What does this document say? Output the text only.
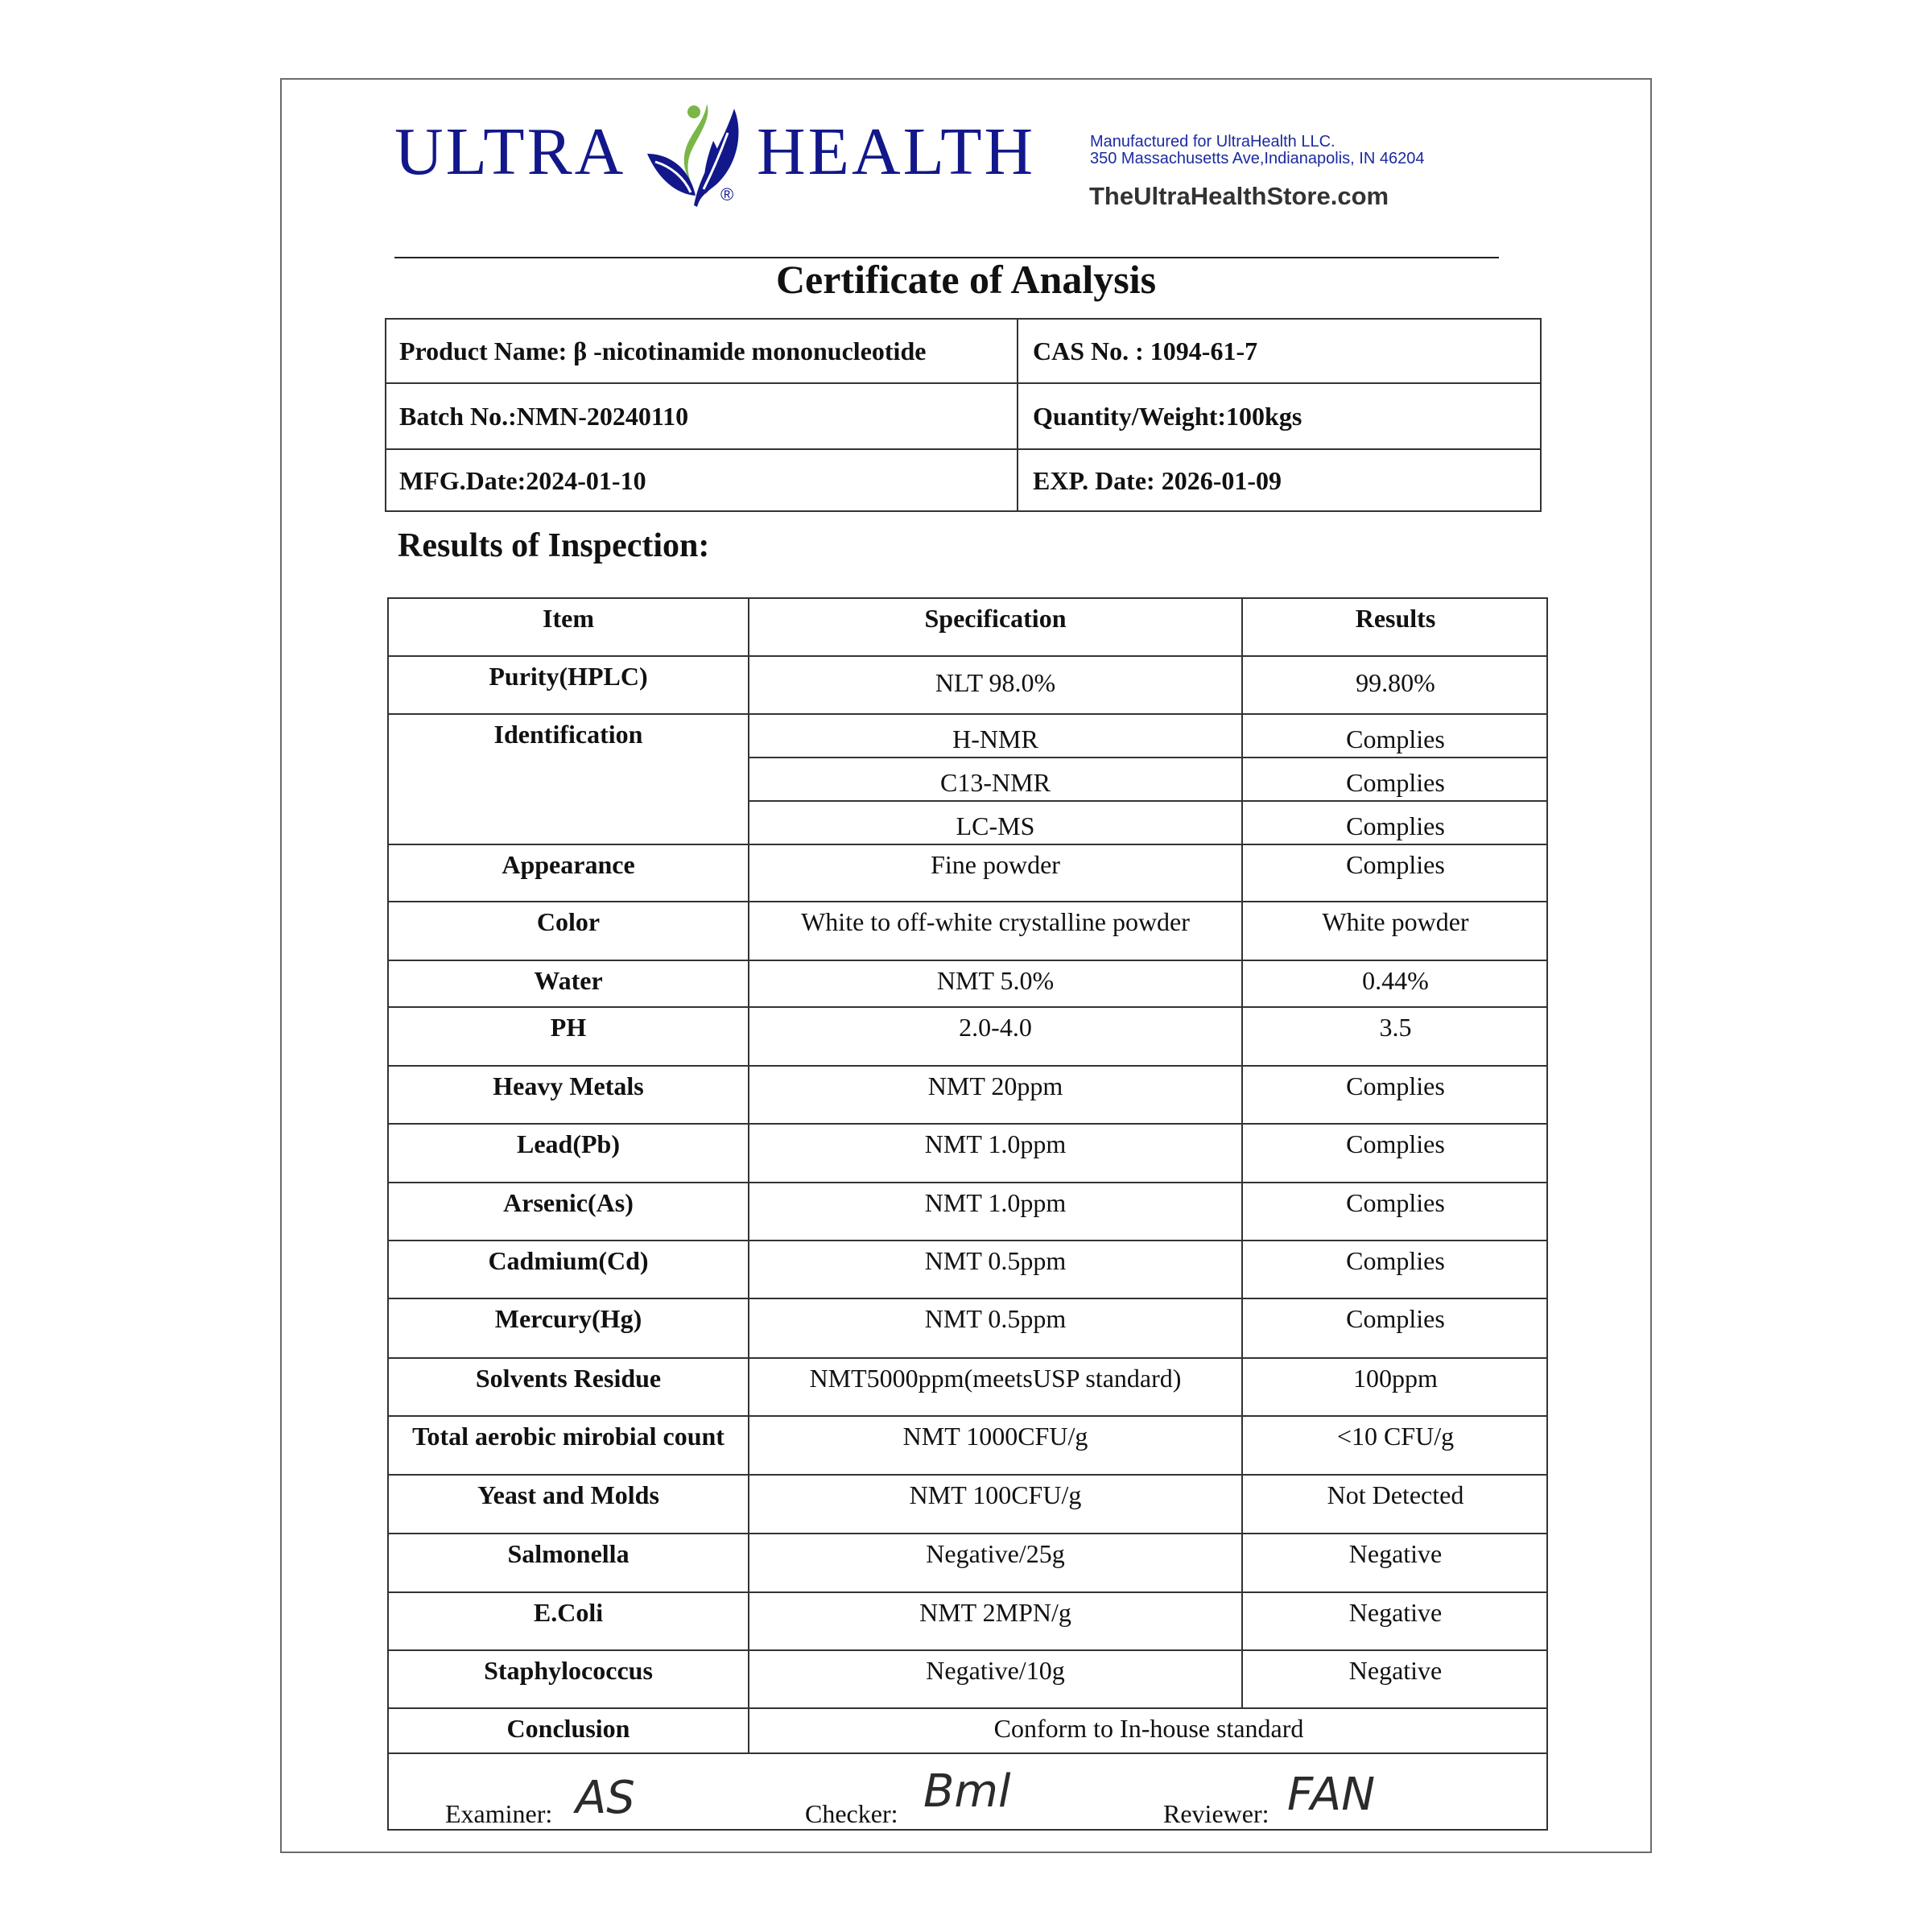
ULTRA
®
HEALTH	Manufactured for UltraHealth LLC.
350 Massachusetts Ave,Indianapolis, IN 46204
TheUltraHealthStore.com
Certificate of Analysis
Product Name: β -nicotinamide mononucleotide	CAS No. : 1094-61-7
Batch No.:NMN-20240110	Quantity/Weight:100kgs
MFG.Date:2024-01-10	EXP. Date: 2026-01-09
Results of Inspection:
Item	Specification	Results
Purity(HPLC)	NLT 98.0%	99.80%
Identification	H-NMR	Complies
C13-NMR	Complies
LC-MS	Complies
Appearance	Fine powder	Complies
Color	White to off-white crystalline powder	White powder
Water	NMT 5.0%	0.44%
PH	2.0-4.0	3.5
Heavy Metals	NMT 20ppm	Complies
Lead(Pb)	NMT 1.0ppm	Complies
Arsenic(As)	NMT 1.0ppm	Complies
Cadmium(Cd)	NMT 0.5ppm	Complies
Mercury(Hg)	NMT 0.5ppm	Complies
Solvents Residue	NMT5000ppm(meetsUSP standard)	100ppm
Total aerobic mirobial count	NMT 1000CFU/g	<10 CFU/g
Yeast and Molds	NMT 100CFU/g	Not Detected
Salmonella	Negative/25g	Negative
E.Coli	NMT 2MPN/g	Negative
Staphylococcus	Negative/10g	Negative
Conclusion	Conform to In-house standard
Examiner: AS	Checker: Bml	Reviewer: FAN
